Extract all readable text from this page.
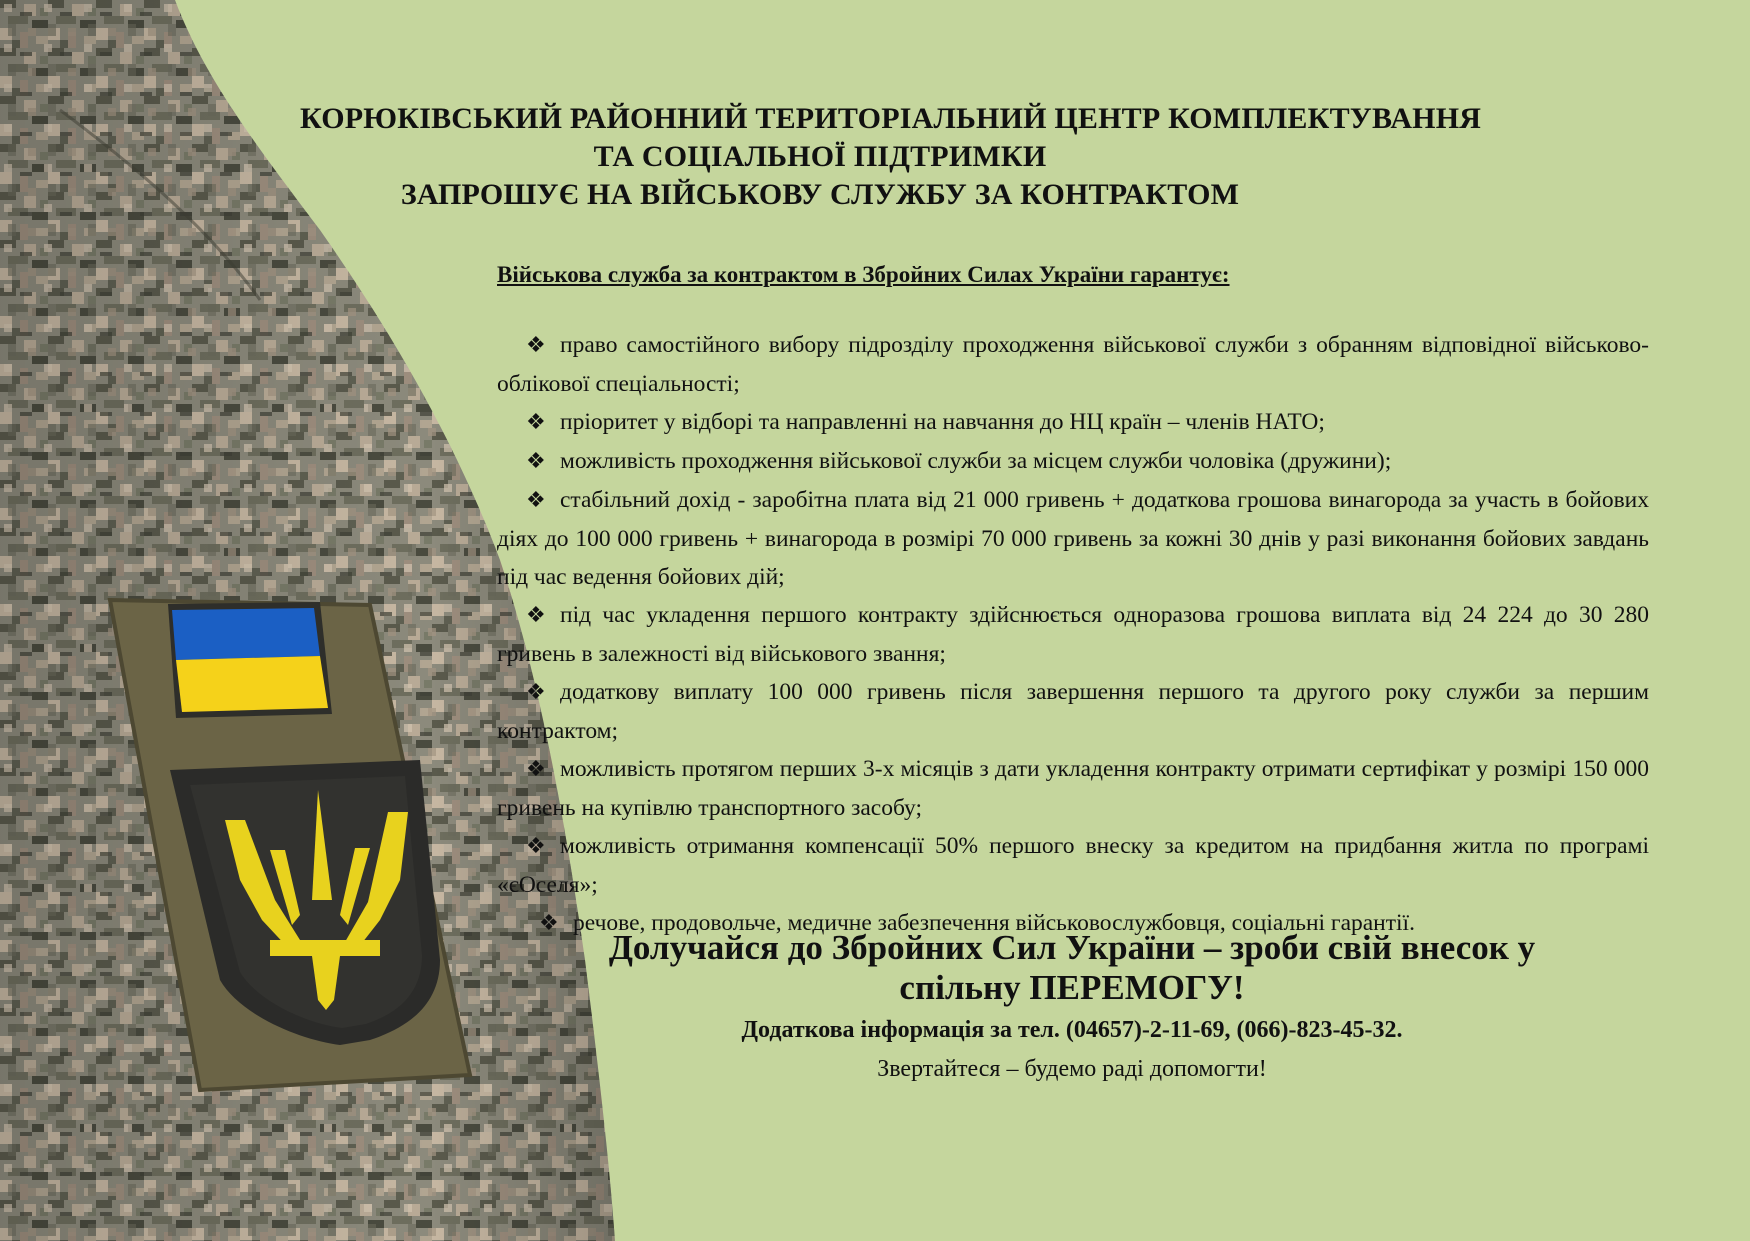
КОРЮКІВСЬКИЙ РАЙОННИЙ ТЕРИТОРІАЛЬНИЙ ЦЕНТР КОМПЛЕКТУВАННЯ
ТА СОЦІАЛЬНОЇ ПІДТРИМКИ
ЗАПРОШУЄ НА ВІЙСЬКОВУ СЛУЖБУ ЗА КОНТРАКТОМ
Військова служба за контрактом в Збройних Силах України гарантує:
❖ право самостійного вибору підрозділу проходження військової служби з обранням відповідної військово-облікової спеціальності;
❖ пріоритет у відборі та направленні на навчання до НЦ країн – членів НАТО;
❖ можливість проходження військової служби за місцем служби чоловіка (дружини);
❖ стабільний дохід - заробітна плата від 21 000 гривень + додаткова грошова винагорода за участь в бойових діях до 100 000 гривень + винагорода в розмірі 70 000 гривень за кожні 30 днів у разі виконання бойових завдань під час ведення бойових дій;
❖ під час укладення першого контракту здійснюється одноразова грошова виплата від 24 224 до 30 280 гривень в залежності від військового звання;
❖ додаткову виплату 100 000 гривень після завершення першого та другого року служби за першим контрактом;
❖ можливість протягом перших 3-х місяців з дати укладення контракту отримати сертифікат у розмірі 150 000 гривень на купівлю транспортного засобу;
❖ можливість отримання компенсації 50% першого внеску за кредитом на придбання житла по програмі «єОселя»;
❖ речове, продовольче, медичне забезпечення військовослужбовця, соціальні гарантії.
Долучайся до Збройних Сил України – зроби свій внесок у
спільну ПЕРЕМОГУ!
Додаткова інформація за тел. (04657)-2-11-69, (066)-823-45-32.
Звертайтеся – будемо раді допомогти!
